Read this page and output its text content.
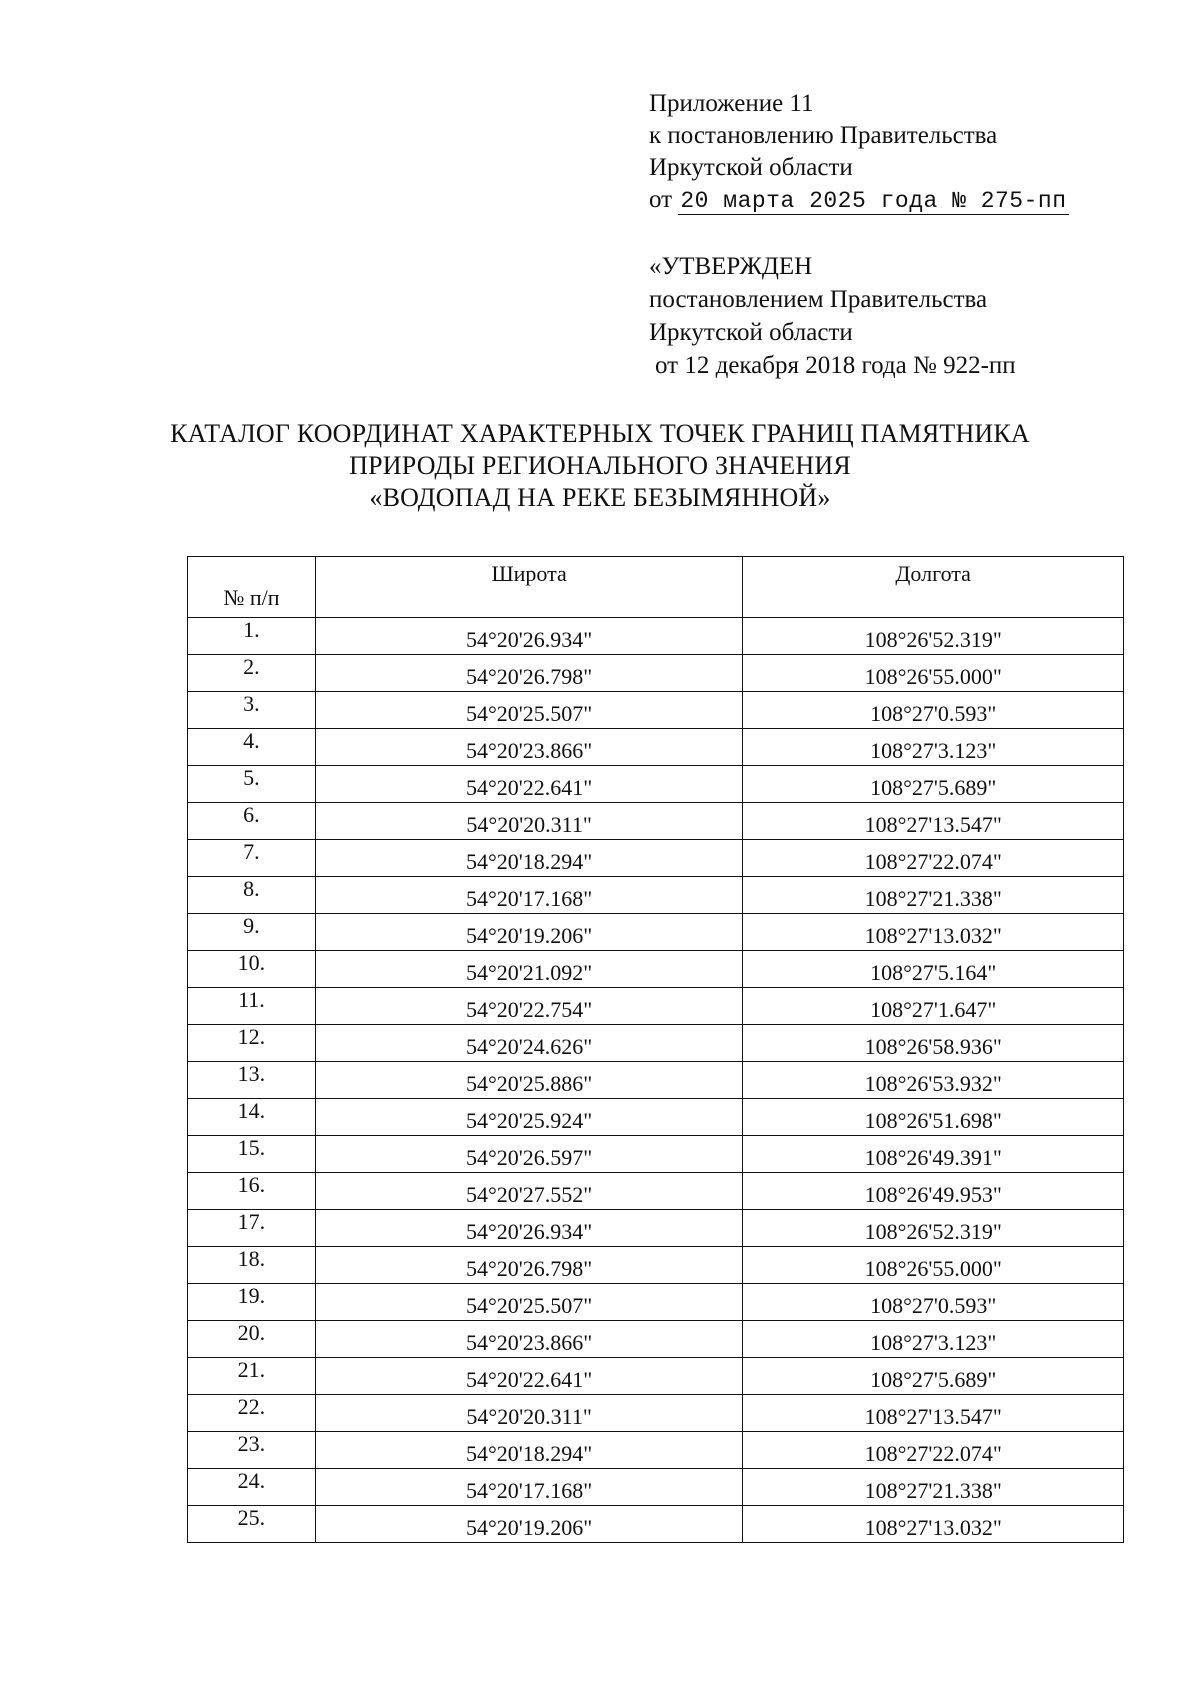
Приложение 11
к постановлению Правительства
Иркутской области
от 20 марта 2025 года № 275-пп
«УТВЕРЖДЕН
постановлением Правительства
Иркутской области
от 12 декабря 2018 года № 922-пп
КАТАЛОГ КООРДИНАТ ХАРАКТЕРНЫХ ТОЧЕК ГРАНИЦ ПАМЯТНИКА
ПРИРОДЫ РЕГИОНАЛЬНОГО ЗНАЧЕНИЯ
«ВОДОПАД НА РЕКЕ БЕЗЫМЯННОЙ»
№ п/п	Широта	Долгота
1.	54°20'26.934"	108°26'52.319"
2.	54°20'26.798"	108°26'55.000"
3.	54°20'25.507"	108°27'0.593"
4.	54°20'23.866"	108°27'3.123"
5.	54°20'22.641"	108°27'5.689"
6.	54°20'20.311"	108°27'13.547"
7.	54°20'18.294"	108°27'22.074"
8.	54°20'17.168"	108°27'21.338"
9.	54°20'19.206"	108°27'13.032"
10.	54°20'21.092"	108°27'5.164"
11.	54°20'22.754"	108°27'1.647"
12.	54°20'24.626"	108°26'58.936"
13.	54°20'25.886"	108°26'53.932"
14.	54°20'25.924"	108°26'51.698"
15.	54°20'26.597"	108°26'49.391"
16.	54°20'27.552"	108°26'49.953"
17.	54°20'26.934"	108°26'52.319"
18.	54°20'26.798"	108°26'55.000"
19.	54°20'25.507"	108°27'0.593"
20.	54°20'23.866"	108°27'3.123"
21.	54°20'22.641"	108°27'5.689"
22.	54°20'20.311"	108°27'13.547"
23.	54°20'18.294"	108°27'22.074"
24.	54°20'17.168"	108°27'21.338"
25.	54°20'19.206"	108°27'13.032"
